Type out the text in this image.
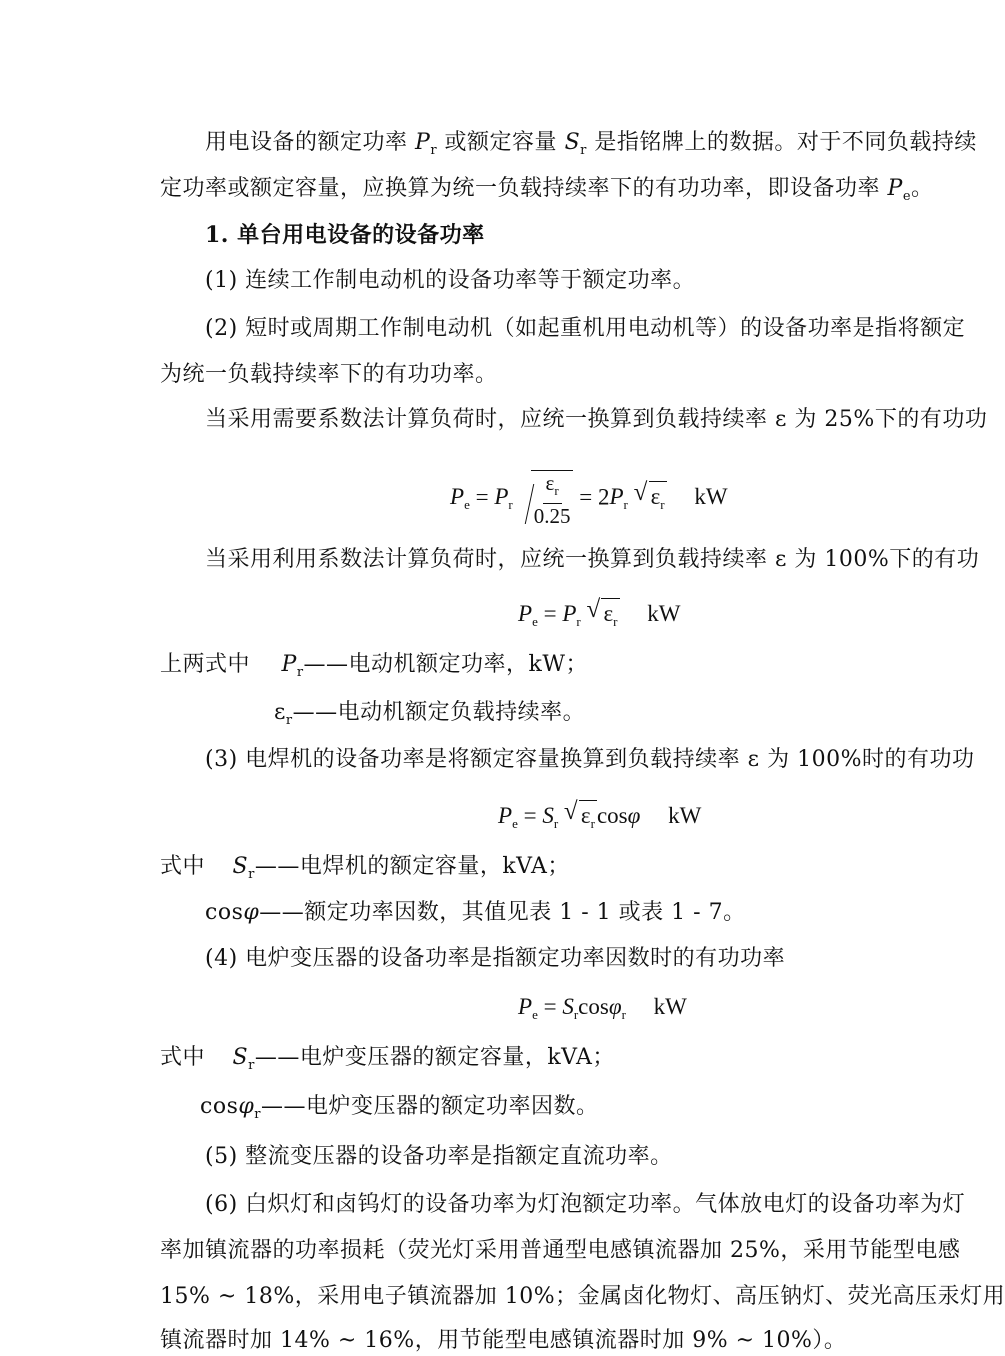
用电设备的额定功率 $P_r$ 或额定容量 $S_r$ 是指铭牌上的数据。对于不同负载持续
定功率或额定容量，应换算为统一负载持续率下的有功功率，即设备功率 $P_e$。
1. 单台用电设备的设备功率
(1) 连续工作制电动机的设备功率等于额定功率。
(2) 短时或周期工作制电动机（如起重机用电动机等）的设备功率是指将额定
为统一负载持续率下的有功功率。
当采用需要系数法计算负荷时，应统一换算到负载持续率 ε 为 25%下的有功功
$P_e = P_r \frac{\varepsilon_r}{0.25} = 2P_r$ √ $\varepsilon_r$ kW
当采用利用系数法计算负荷时，应统一换算到负载持续率 ε 为 100%下的有功
$P_e = P_r$ √ $\varepsilon_r$ kW
上两式中 $P_r——$电动机额定功率，kW；
$\varepsilon_r——$电动机额定负载持续率。
(3) 电焊机的设备功率是将额定容量换算到负载持续率 ε 为 100%时的有功功
$P_e = S_r$ √ $\varepsilon_r\cos\varphi$ kW
式中 $S_r——$电焊机的额定容量，kVA；
cosφ——额定功率因数，其值见表 1 - 1 或表 1 - 7。
(4) 电炉变压器的设备功率是指额定功率因数时的有功功率
$P_e = S_r\cos\varphi_r$ kW
式中 $S_r——$电炉变压器的额定容量，kVA；
cosφ$_r$——电炉变压器的额定功率因数。
(5) 整流变压器的设备功率是指额定直流功率。
(6) 白炽灯和卤钨灯的设备功率为灯泡额定功率。气体放电灯的设备功率为灯
率加镇流器的功率损耗（荧光灯采用普通型电感镇流器加 25%，采用节能型电感
15% ~ 18%，采用电子镇流器加 10%；金属卤化物灯、高压钠灯、荧光高压汞灯用
镇流器时加 14% ~ 16%，用节能型电感镇流器时加 9% ~ 10%）。
